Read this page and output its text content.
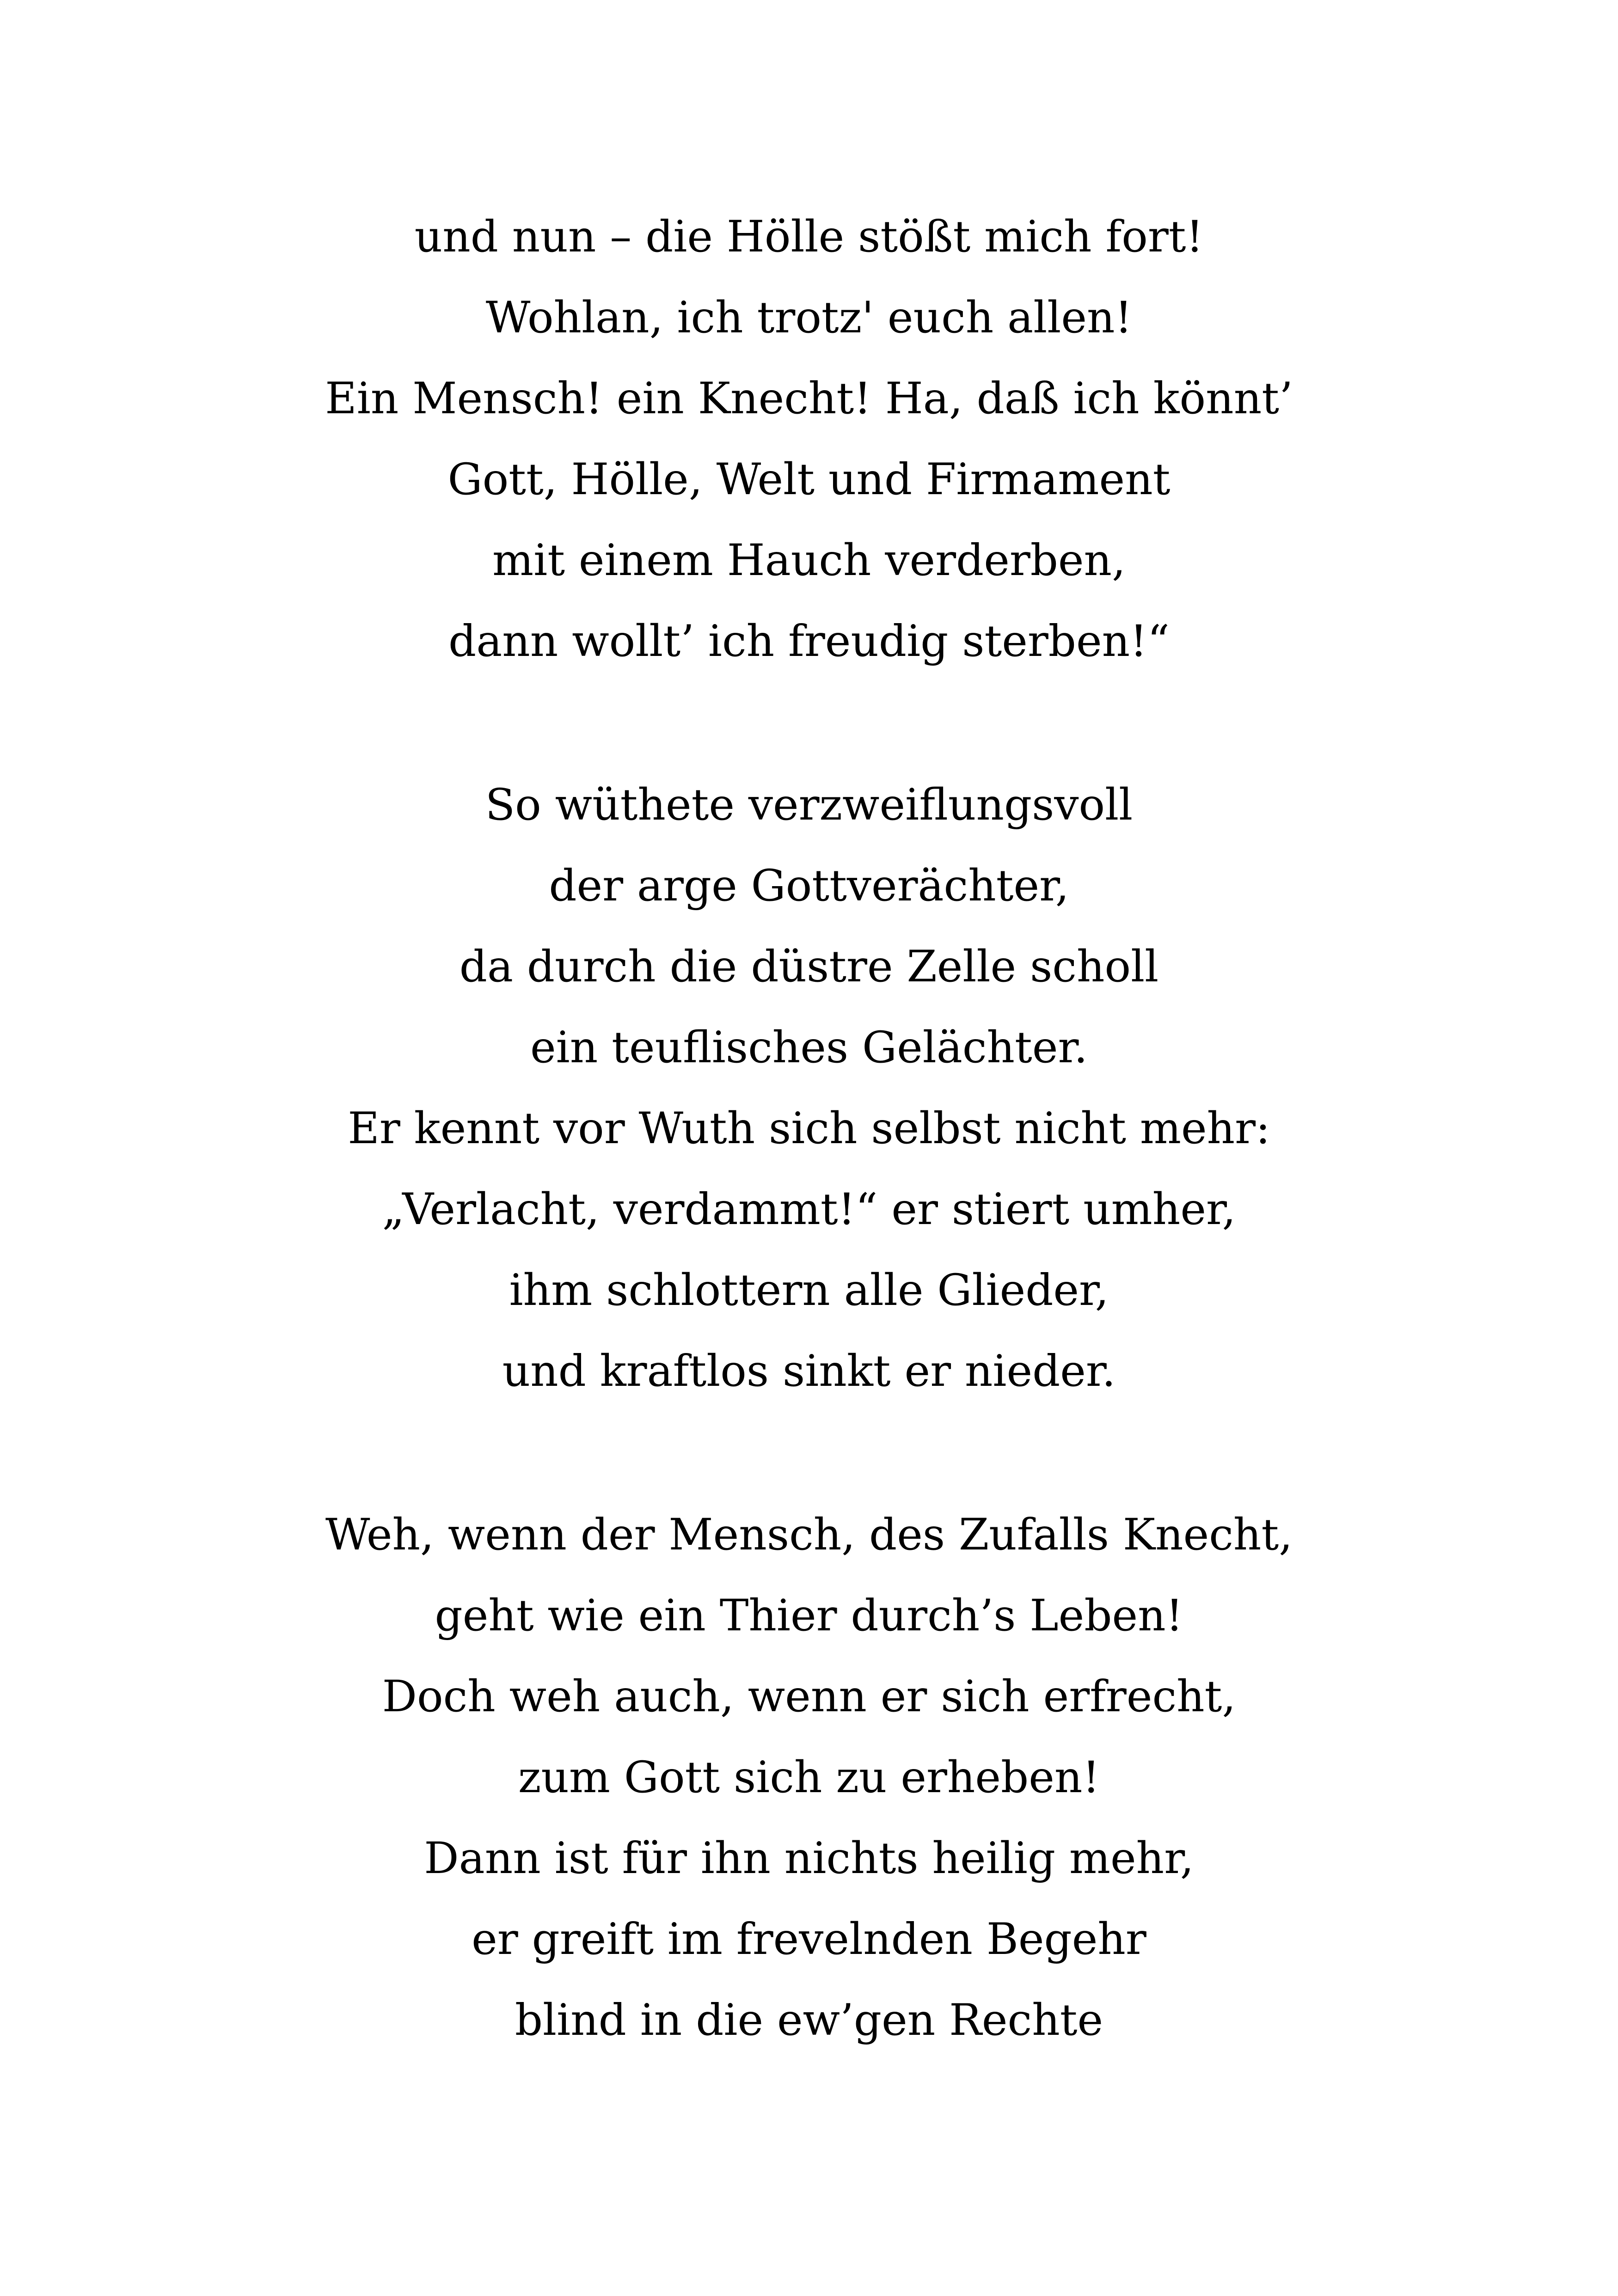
und nun – die Hölle stößt mich fort!
Wohlan, ich trotz' euch allen!
Ein Mensch! ein Knecht! Ha, daß ich könnt’
Gott, Hölle, Welt und Firmament
mit einem Hauch verderben,
dann wollt’ ich freudig sterben!“
So wüthete verzweiflungsvoll
der arge Gottverächter,
da durch die düstre Zelle scholl
ein teuflisches Gelächter.
Er kennt vor Wuth sich selbst nicht mehr:
„Verlacht, verdammt!“ er stiert umher,
ihm schlottern alle Glieder,
und kraftlos sinkt er nieder.
Weh, wenn der Mensch, des Zufalls Knecht,
geht wie ein Thier durch’s Leben!
Doch weh auch, wenn er sich erfrecht,
zum Gott sich zu erheben!
Dann ist für ihn nichts heilig mehr,
er greift im frevelnden Begehr
blind in die ew’gen Rechte
